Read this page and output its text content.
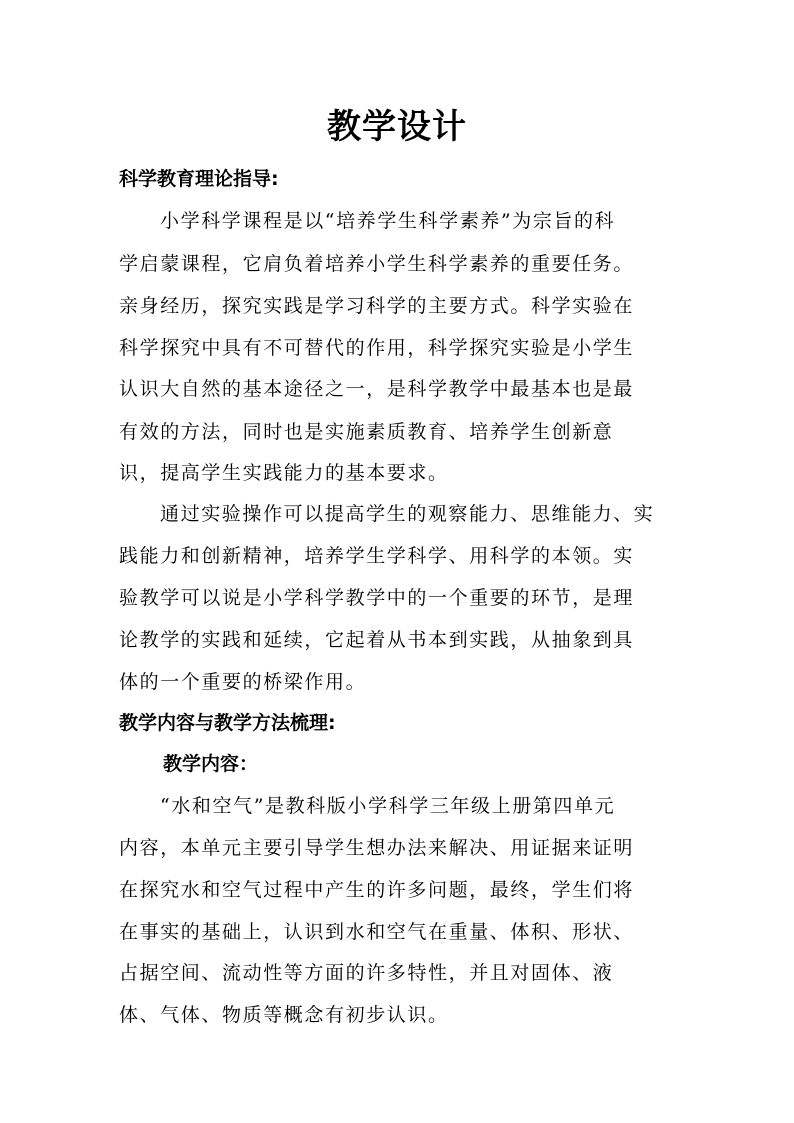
教学设计
科学教育理论指导:
小学科学课程是以“培养学生科学素养”为宗旨的科
学启蒙课程，它肩负着培养小学生科学素养的重要任务。
亲身经历，探究实践是学习科学的主要方式。科学实验在
科学探究中具有不可替代的作用，科学探究实验是小学生
认识大自然的基本途径之一，是科学教学中最基本也是最
有效的方法，同时也是实施素质教育、培养学生创新意
识，提高学生实践能力的基本要求。
通过实验操作可以提高学生的观察能力、思维能力、实
践能力和创新精神，培养学生学科学、用科学的本领。实
验教学可以说是小学科学教学中的一个重要的环节，是理
论教学的实践和延续，它起着从书本到实践，从抽象到具
体的一个重要的桥梁作用。
教学内容与教学方法梳理:
教学内容：
“水和空气”是教科版小学科学三年级上册第四单元
内容，本单元主要引导学生想办法来解决、用证据来证明
在探究水和空气过程中产生的许多问题，最终，学生们将
在事实的基础上，认识到水和空气在重量、体积、形状、
占据空间、流动性等方面的许多特性，并且对固体、液
体、气体、物质等概念有初步认识。
